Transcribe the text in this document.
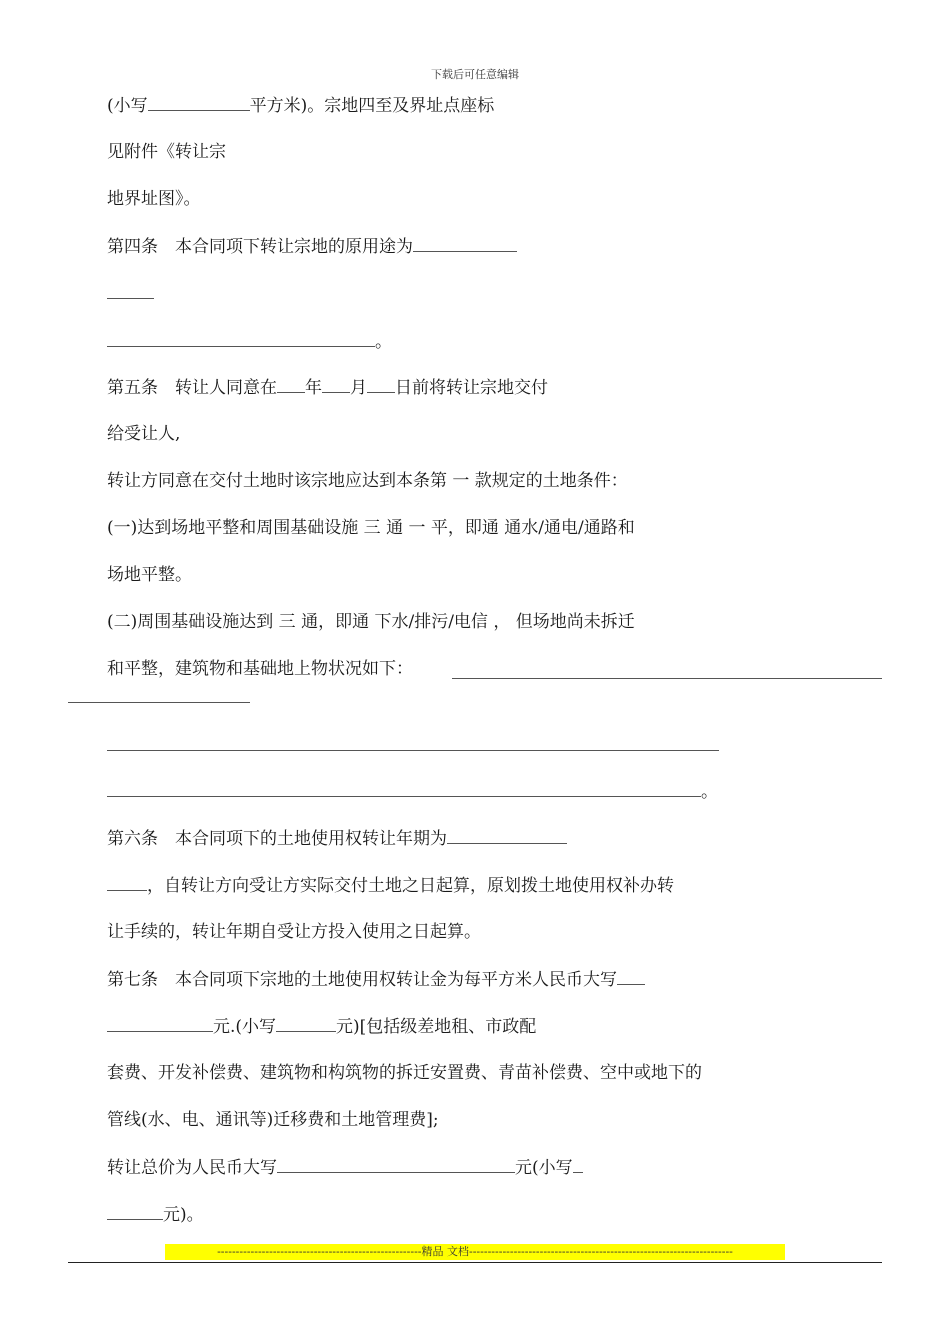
下载后可任意编辑
(小写	平方米)。宗地四至及界址点座标
见附件《转让宗
地界址图》。
第四条　本合同项下转让宗地的原用途为
。
第五条　转让人同意在 年 月 日前将转让宗地交付
给受让人,
转让方同意在交付土地时该宗地应达到本条第 一 款规定的土地条件：
(一)达到场地平整和周围基础设施 三 通 一 平，即通 通水/通电/通路和
场地平整。
(二)周围基础设施达到 三 通，即通 下水/排污/电信 ， 但场地尚未拆迁
和平整，建筑物和基础地上物状况如下：
。
第六条　本合同项下的土地使用权转让年期为
，自转让方向受让方实际交付土地之日起算，原划拨土地使用权补办转
让手续的，转让年期自受让方投入使用之日起算。
第七条　本合同项下宗地的土地使用权转让金为每平方米人民币大写
元.(小写	元)[包括级差地租、市政配
套费、开发补偿费、建筑物和构筑物的拆迁安置费、青苗补偿费、空中或地下的
管线(水、电、通讯等)迁移费和土地管理费];
转让总价为人民币大写	元(小写
元)。
-------------------------------------------------------精品 文档-----------------------------------------------------------------------
